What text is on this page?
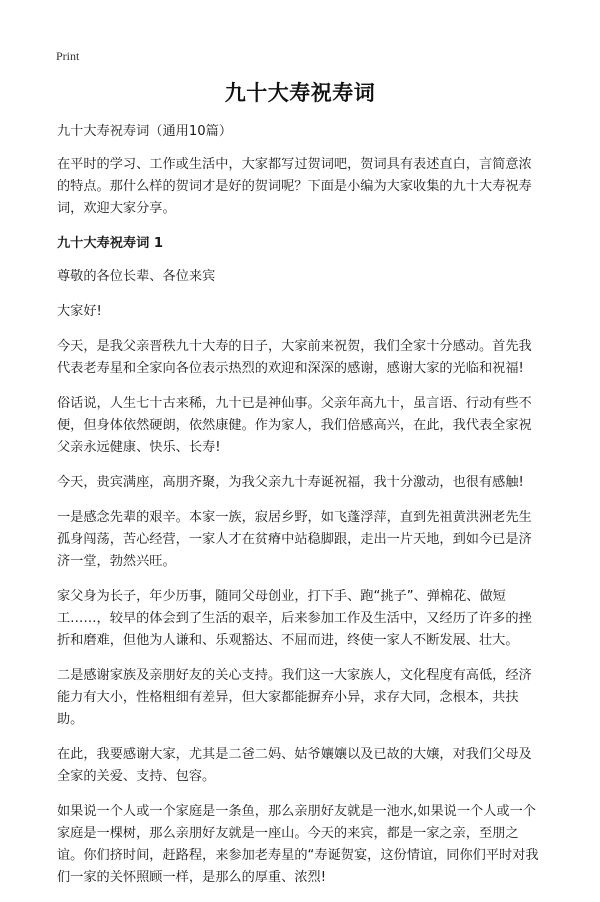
Print
九十大寿祝寿词

九十大寿祝寿词（通用10篇）

在平时的学习、工作或生活中，大家都写过贺词吧，贺词具有表述直白，言简意浓的特点。那什么样的贺词才是好的贺词呢？下面是小编为大家收集的九十大寿祝寿词，欢迎大家分享。

九十大寿祝寿词 1

尊敬的各位长辈、各位来宾

大家好!

今天，是我父亲晋秩九十大寿的日子，大家前来祝贺，我们全家十分感动。首先我代表老寿星和全家向各位表示热烈的欢迎和深深的感谢，感谢大家的光临和祝福!

俗话说，人生七十古来稀，九十已是神仙事。父亲年高九十，虽言语、行动有些不便，但身体依然硬朗，依然康健。作为家人，我们倍感高兴，在此，我代表全家祝父亲永远健康、快乐、长寿!

今天，贵宾满座，高朋齐聚，为我父亲九十寿诞祝福，我十分激动，也很有感触!

一是感念先辈的艰辛。本家一族，寂居乡野，如飞蓬浮萍，直到先祖黄洪洲老先生孤身闯荡，苦心经营，一家人才在贫瘠中站稳脚跟，走出一片天地，到如今已是济济一堂，勃然兴旺。

家父身为长子，年少历事，随同父母创业，打下手、跑“挑子”、弹棉花、做短工……，较早的体会到了生活的艰辛，后来参加工作及生活中，又经历了许多的挫折和磨难，但他为人谦和、乐观豁达、不屈而进，终使一家人不断发展、壮大。

二是感谢家族及亲朋好友的关心支持。我们这一大家族人，文化程度有高低，经济能力有大小，性格粗细有差异，但大家都能摒弃小异，求存大同，念根本，共扶助。

在此，我要感谢大家，尤其是二爸二妈、姑爷孃孃以及已故的大嬢，对我们父母及全家的关爱、支持、包容。

如果说一个人或一个家庭是一条鱼，那么亲朋好友就是一池水,如果说一个人或一个家庭是一棵树，那么亲朋好友就是一座山。今天的来宾，都是一家之亲，至朋之谊。你们挤时间，赶路程，来参加老寿星的“寿诞贺宴，这份情谊，同你们平时对我们一家的关怀照顾一样，是那么的厚重、浓烈!
